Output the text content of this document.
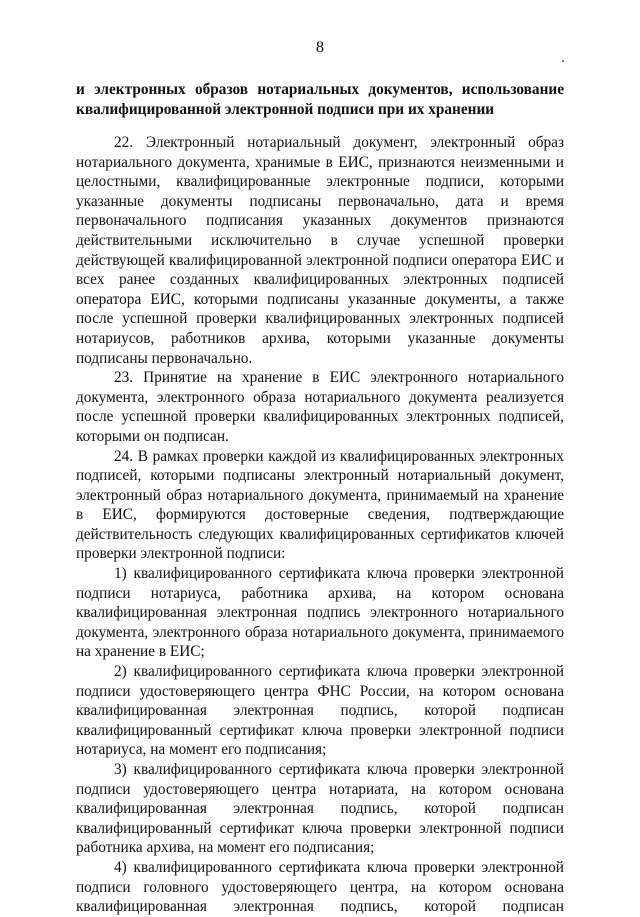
8
и электронных образов нотариальных документов, использование квалифицированной электронной подписи при их хранении

22. Электронный нотариальный документ, электронный образ нотариального документа, хранимые в ЕИС, признаются неизменными и целостными, квалифицированные электронные подписи, которыми указанные документы подписаны первоначально, дата и время первоначального подписания указанных документов признаются действительными исключительно в случае успешной проверки действующей квалифицированной электронной подписи оператора ЕИС и всех ранее созданных квалифицированных электронных подписей оператора ЕИС, которыми подписаны указанные документы, а также после успешной проверки квалифицированных электронных подписей нотариусов, работников архива, которыми указанные документы подписаны первоначально.

23. Принятие на хранение в ЕИС электронного нотариального документа, электронного образа нотариального документа реализуется после успешной проверки квалифицированных электронных подписей, которыми он подписан.

24. В рамках проверки каждой из квалифицированных электронных подписей, которыми подписаны электронный нотариальный документ, электронный образ нотариального документа, принимаемый на хранение в ЕИС, формируются достоверные сведения, подтверждающие действительность следующих квалифицированных сертификатов ключей проверки электронной подписи:

1) квалифицированного сертификата ключа проверки электронной подписи нотариуса, работника архива, на котором основана квалифицированная электронная подпись электронного нотариального документа, электронного образа нотариального документа, принимаемого на хранение в ЕИС;

2) квалифицированного сертификата ключа проверки электронной подписи удостоверяющего центра ФНС России, на котором основана квалифицированная электронная подпись, которой подписан квалифицированный сертификат ключа проверки электронной подписи нотариуса, на момент его подписания;

3) квалифицированного сертификата ключа проверки электронной подписи удостоверяющего центра нотариата, на котором основана квалифицированная электронная подпись, которой подписан квалифицированный сертификат ключа проверки электронной подписи работника архива, на момент его подписания;

4) квалифицированного сертификата ключа проверки электронной подписи головного удостоверяющего центра, на котором основана квалифицированная электронная подпись, которой подписан
